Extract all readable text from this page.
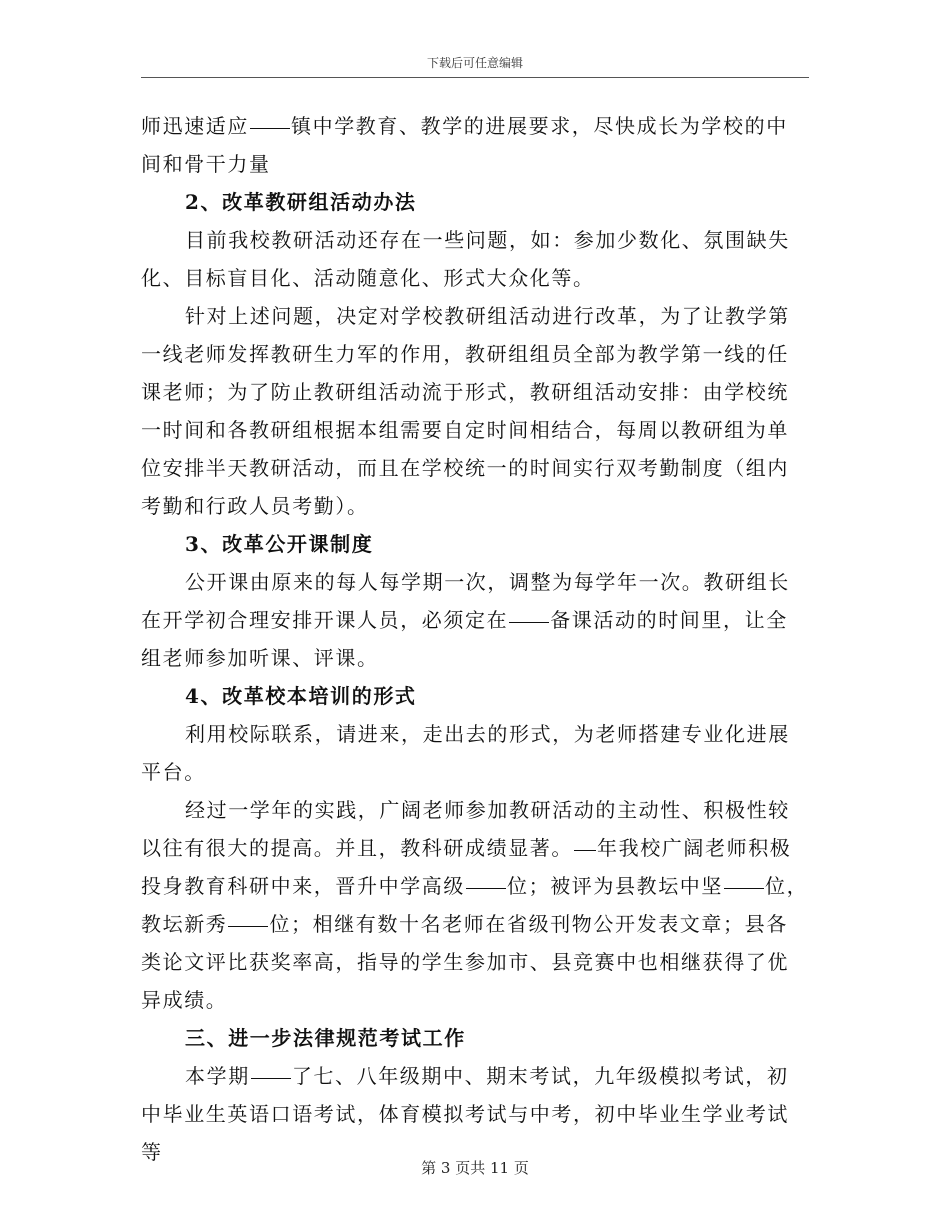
下载后可任意编辑

师迅速适应 镇中学教育、教学的进展要求，尽快成长为学校的中间和骨干力量

2、改革教研组活动办法

目前我校教研活动还存在一些问题，如：参加少数化、氛围缺失化、目标盲目化、活动随意化、形式大众化等。

针对上述问题，决定对学校教研组活动进行改革，为了让教学第一线老师发挥教研生力军的作用，教研组组员全部为教学第一线的任课老师；为了防止教研组活动流于形式，教研组活动安排：由学校统一时间和各教研组根据本组需要自定时间相结合，每周以教研组为单位安排半天教研活动，而且在学校统一的时间实行双考勤制度（组内考勤和行政人员考勤）。

3、改革公开课制度

公开课由原来的每人每学期一次，调整为每学年一次。教研组长在开学初合理安排开课人员，必须定在 备课活动的时间里，让全组老师参加听课、评课。

4、改革校本培训的形式

利用校际联系，请进来，走出去的形式，为老师搭建专业化进展平台。

经过一学年的实践，广阔老师参加教研活动的主动性、积极性较以往有很大的提高。并且，教科研成绩显著。 年我校广阔老师积极投身教育科研中来，晋升中学高级 位；被评为县教坛中坚 位，教坛新秀 位；相继有数十名老师在省级刊物公开发表文章；县各类论文评比获奖率高，指导的学生参加市、县竞赛中也相继获得了优异成绩。

三、进一步法律规范考试工作

本学期 了七、八年级期中、期末考试，九年级模拟考试，初中毕业生英语口语考试，体育模拟考试与中考，初中毕业生学业考试等

第 3 页共 11 页
